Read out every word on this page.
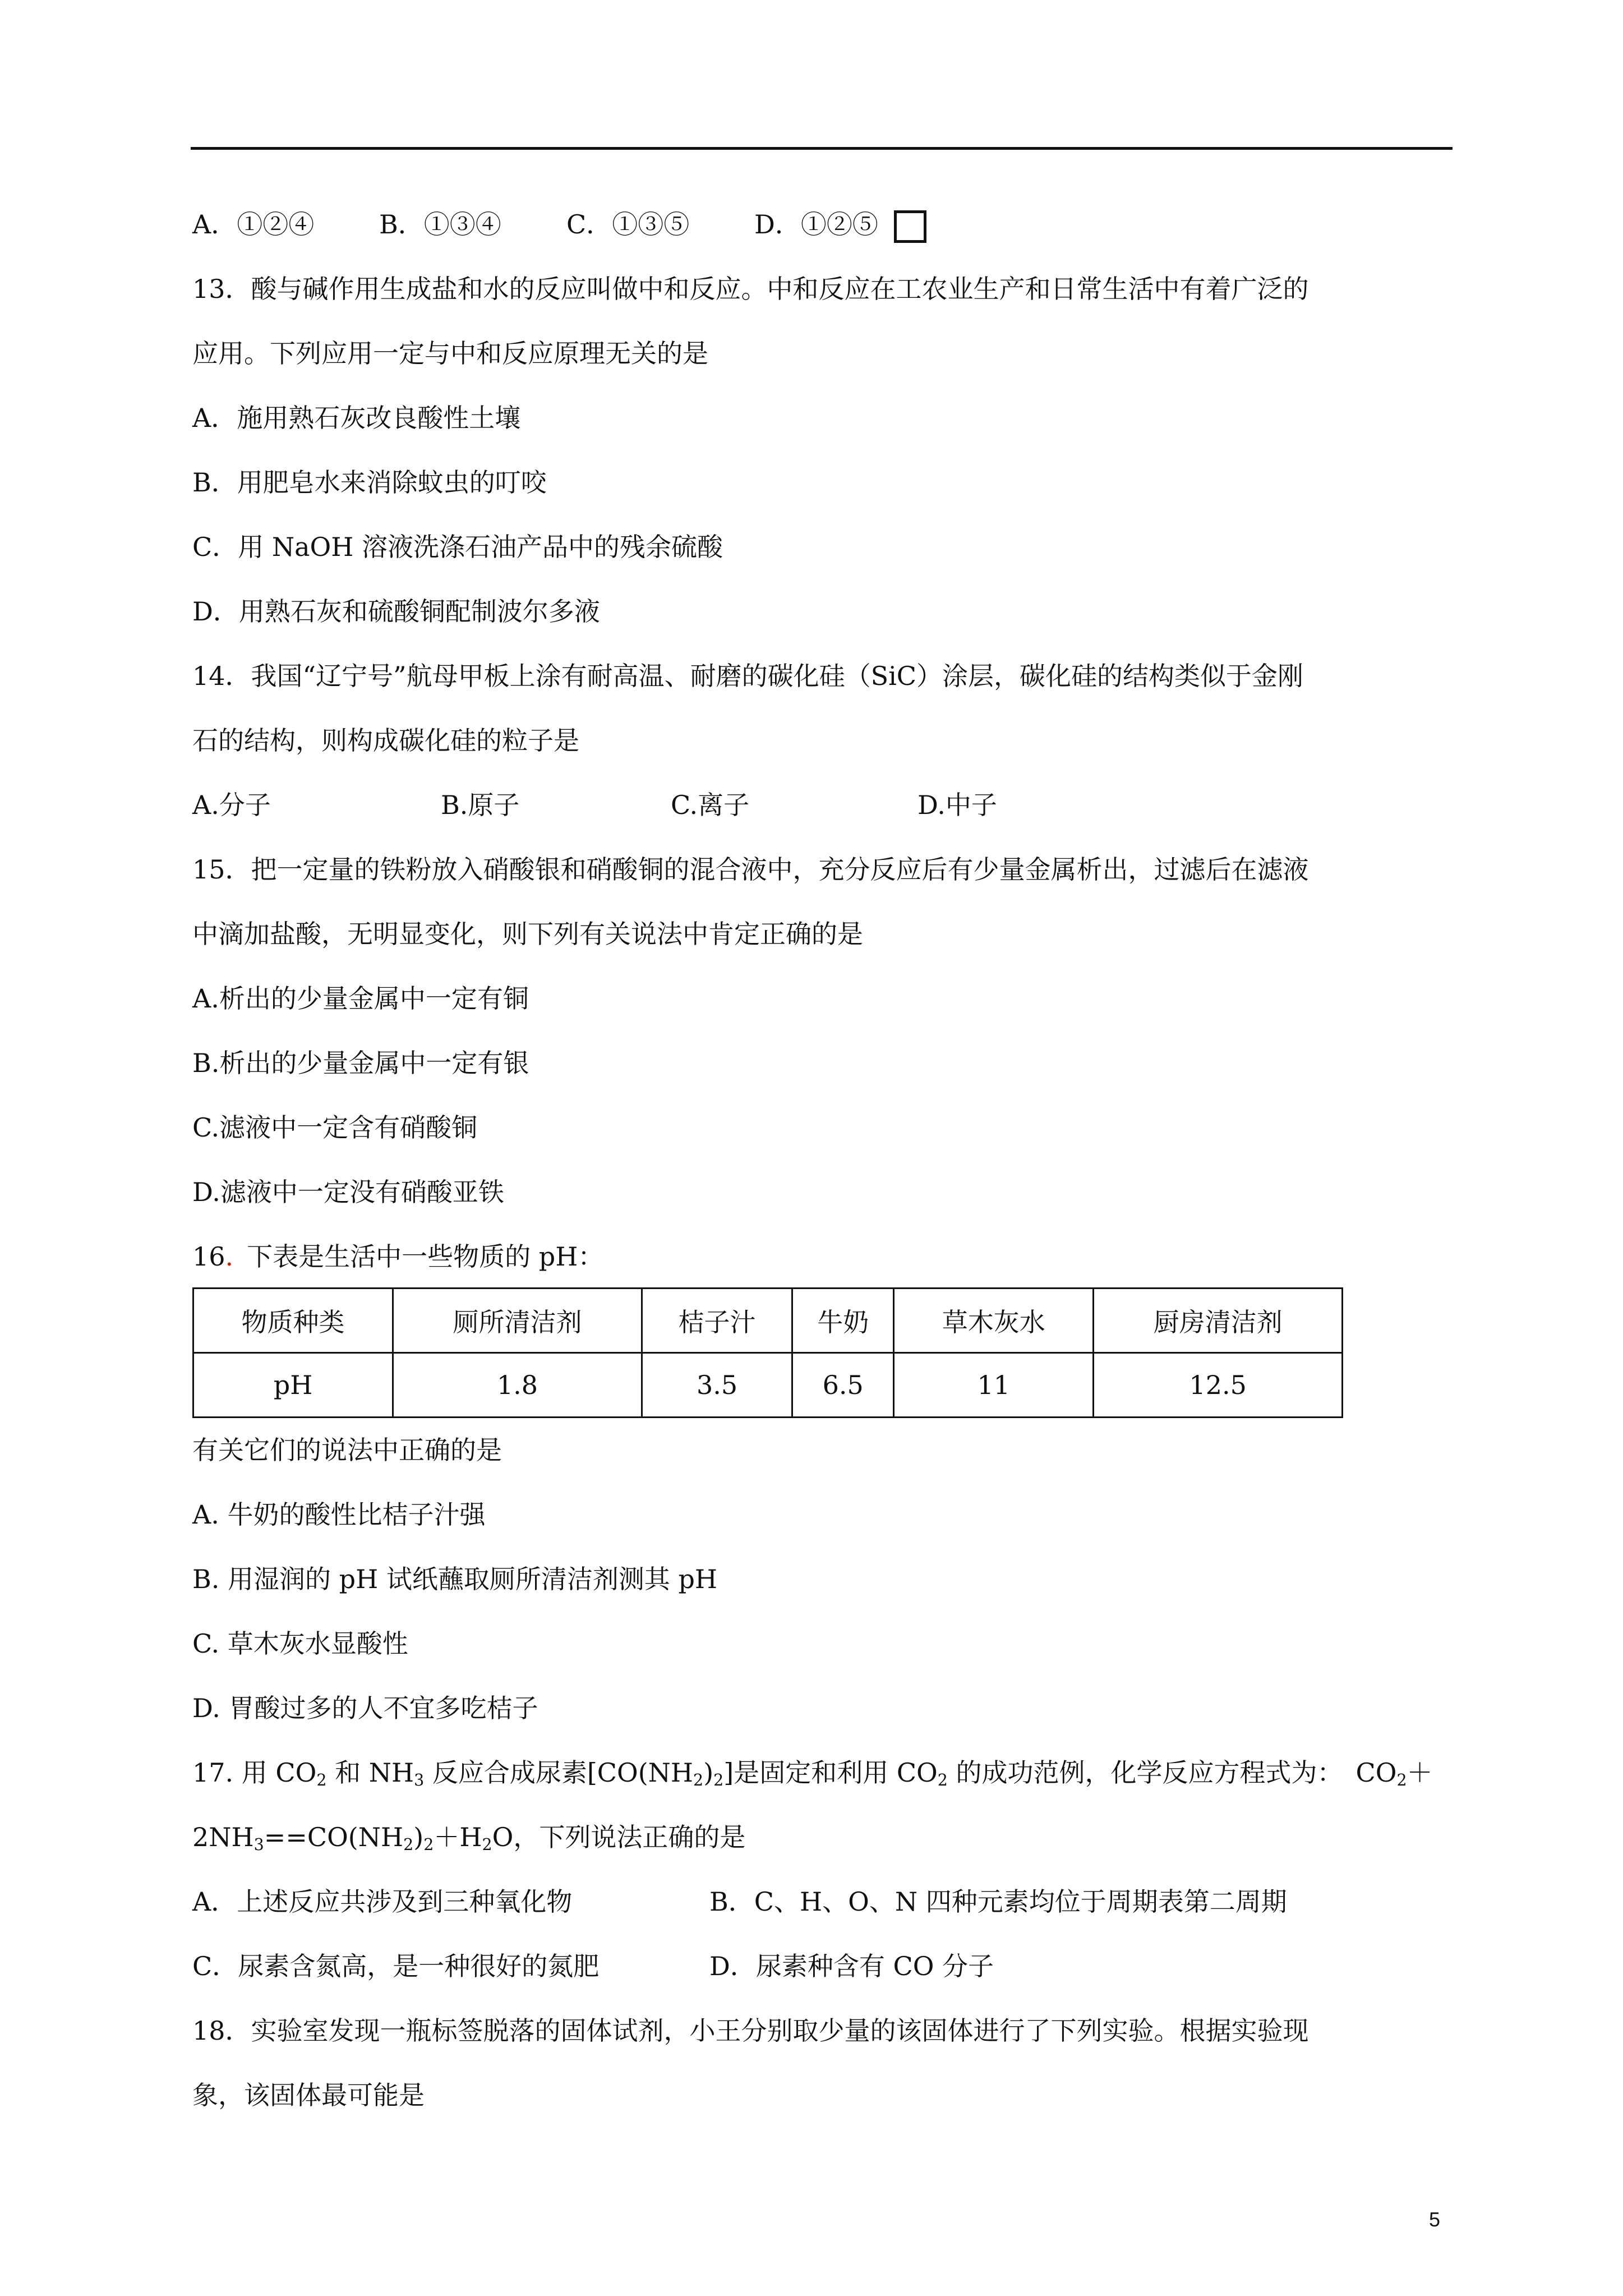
A．①②④	B．①③④	C．①③⑤	D．①②⑤
13．酸与碱作用生成盐和水的反应叫做中和反应。中和反应在工农业生产和日常生活中有着广泛的
应用。下列应用一定与中和反应原理无关的是
A．施用熟石灰改良酸性土壤
B．用肥皂水来消除蚊虫的叮咬
C．用 NaOH 溶液洗涤石油产品中的残余硫酸
D．用熟石灰和硫酸铜配制波尔多液
14．我国“辽宁号”航母甲板上涂有耐高温、耐磨的碳化硅（SiC）涂层，碳化硅的结构类似于金刚
石的结构，则构成碳化硅的粒子是
A.分子	B.原子	C.离子	D.中子
15．把一定量的铁粉放入硝酸银和硝酸铜的混合液中，充分反应后有少量金属析出，过滤后在滤液
中滴加盐酸，无明显变化，则下列有关说法中肯定正确的是
A.析出的少量金属中一定有铜
B.析出的少量金属中一定有银
C.滤液中一定含有硝酸铜
D.滤液中一定没有硝酸亚铁
16. 下表是生活中一些物质的 pH：
物质种类	厕所清洁剂	桔子汁	牛奶	草木灰水	厨房清洁剂
pH	1.8	3.5	6.5	11	12.5
有关它们的说法中正确的是
A. 牛奶的酸性比桔子汁强
B. 用湿润的 pH 试纸蘸取厕所清洁剂测其 pH
C. 草木灰水显酸性
D. 胃酸过多的人不宜多吃桔子
17. 用 $CO_2$ 和 $NH_3$ 反应合成尿素$[CO(NH_2)_2]$是固定和利用 $CO_2$ 的成功范例，化学反应方程式为：　$CO_2+$
$2NH_3==CO(NH_2)_2+H_2O$，下列说法正确的是
A．上述反应共涉及到三种氧化物	B．C、H、O、N 四种元素均位于周期表第二周期
C．尿素含氮高，是一种很好的氮肥	D．尿素种含有 CO 分子
18．实验室发现一瓶标签脱落的固体试剂，小王分别取少量的该固体进行了下列实验。根据实验现
象，该固体最可能是
5
